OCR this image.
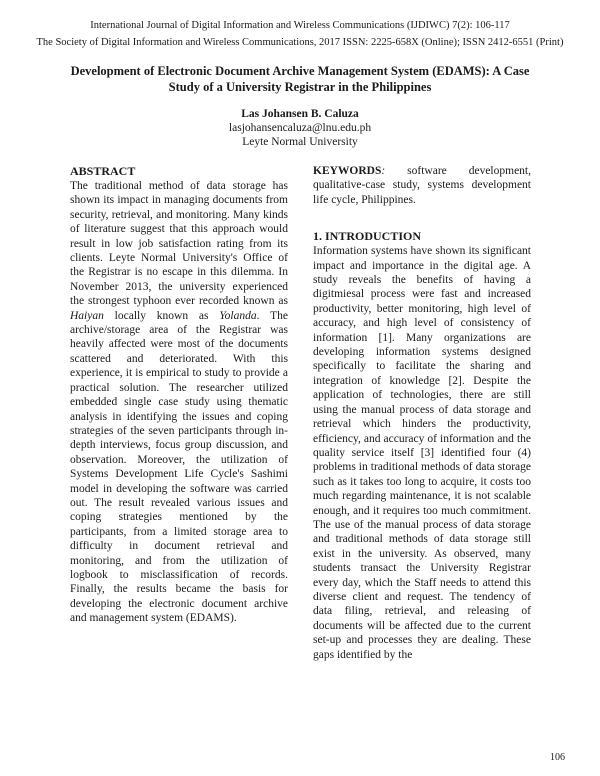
International Journal of Digital Information and Wireless Communications (IJDIWC) 7(2): 106-117
The Society of Digital Information and Wireless Communications, 2017 ISSN: 2225-658X (Online); ISSN 2412-6551 (Print)
Development of Electronic Document Archive Management System (EDAMS): A Case Study of a University Registrar in the Philippines
Las Johansen B. Caluza
lasjohansencaluza@lnu.edu.ph
Leyte Normal University

ABSTRACT

The traditional method of data storage has shown its impact in managing documents from security, retrieval, and monitoring. Many kinds of literature suggest that this approach would result in low job satisfaction rating from its clients. Leyte Normal University's Office of the Registrar is no escape in this dilemma. In November 2013, the university experienced the strongest typhoon ever recorded known as Haiyan locally known as Yolanda. The archive/storage area of the Registrar was heavily affected were most of the documents scattered and deteriorated. With this experience, it is empirical to study to provide a practical solution. The researcher utilized embedded single case study using thematic analysis in identifying the issues and coping strategies of the seven participants through in-depth interviews, focus group discussion, and observation. Moreover, the utilization of Systems Development Life Cycle's Sashimi model in developing the software was carried out. The result revealed various issues and coping strategies mentioned by the participants, from a limited storage area to difficulty in document retrieval and monitoring, and from the utilization of logbook to misclassification of records. Finally, the results became the basis for developing the electronic document archive and management system (EDAMS).

KEYWORDS: software development, qualitative-case study, systems development life cycle, Philippines.

1. INTRODUCTION

Information systems have shown its significant impact and importance in the digital age. A study reveals the benefits of having a digitmiesal process were fast and increased productivity, better monitoring, high level of accuracy, and high level of consistency of information [1]. Many organizations are developing information systems designed specifically to facilitate the sharing and integration of knowledge [2]. Despite the application of technologies, there are still using the manual process of data storage and retrieval which hinders the productivity, efficiency, and accuracy of information and the quality service itself [3] identified four (4) problems in traditional methods of data storage such as it takes too long to acquire, it costs too much regarding maintenance, it is not scalable enough, and it requires too much commitment. The use of the manual process of data storage and traditional methods of data storage still exist in the university. As observed, many students transact the University Registrar every day, which the Staff needs to attend this diverse client and request. The tendency of data filing, retrieval, and releasing of documents will be affected due to the current set-up and processes they are dealing. These gaps identified by the

106
